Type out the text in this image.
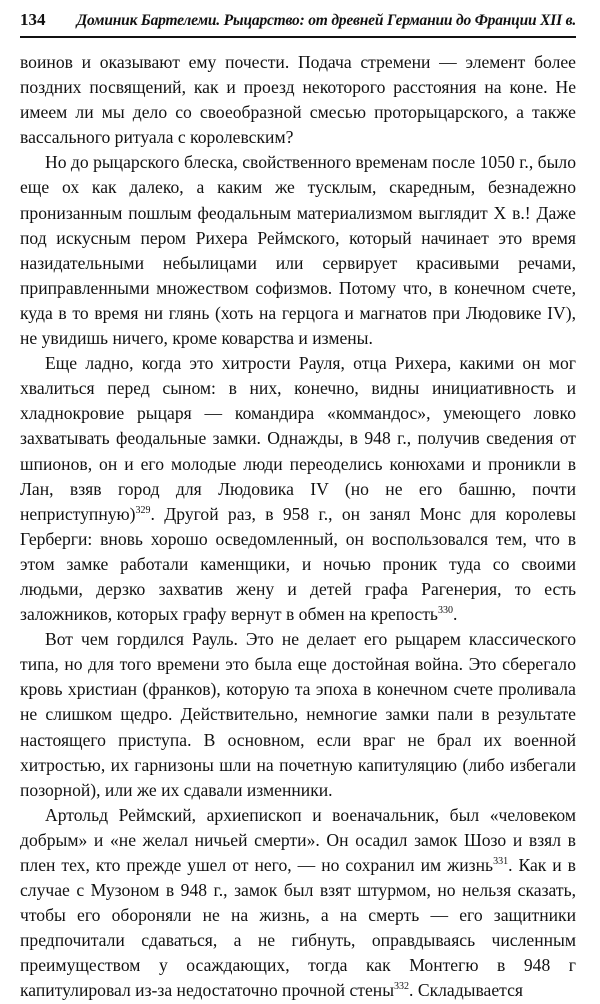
134	Доминик Бартелеми. Рыцарство: от древней Германии до Франции XII в.

воинов и оказывают ему почести. Подача стремени — элемент более поздних посвящений, как и проезд некоторого расстояния на коне. Не имеем ли мы дело со своеобразной смесью проторыцарского, а также вассального ритуала с королевским?

Но до рыцарского блеска, свойственного временам после 1050 г., было еще ох как далеко, а каким же тусклым, скаредным, безнадежно пронизанным пошлым феодальным материализмом выглядит X в.! Даже под искусным пером Рихера Реймского, который начинает это время назидательными небылицами или сервирует красивыми речами, приправленными множеством софизмов. Потому что, в конечном счете, куда в то время ни глянь (хоть на герцога и магнатов при Людовике IV), не увидишь ничего, кроме коварства и измены.

Еще ладно, когда это хитрости Рауля, отца Рихера, какими он мог хвалиться перед сыном: в них, конечно, видны инициативность и хладнокровие рыцаря — командира «коммандос», умеющего ловко захватывать феодальные замки. Однажды, в 948 г., получив сведения от шпионов, он и его молодые люди переоделись конюхами и проникли в Лан, взяв город для Людовика IV (но не его башню, почти неприступную)$^{329}$. Другой раз, в 958 г., он занял Монс для королевы Герберги: вновь хорошо осведомленный, он воспользовался тем, что в этом замке работали каменщики, и ночью проник туда со своими людьми, дерзко захватив жену и детей графа Рагенерия, то есть заложников, которых графу вернут в обмен на крепость$^{330}$.

Вот чем гордился Рауль. Это не делает его рыцарем классического типа, но для того времени это была еще достойная война. Это сберегало кровь христиан (франков), которую та эпоха в конечном счете проливала не слишком щедро. Действительно, немногие замки пали в результате настоящего приступа. В основном, если враг не брал их военной хитростью, их гарнизоны шли на почетную капитуляцию (либо избегали позорной), или же их сдавали изменники.

Артольд Реймский, архиепископ и военачальник, был «человеком добрым» и «не желал ничьей смерти». Он осадил замок Шозо и взял в плен тех, кто прежде ушел от него, — но сохранил им жизнь$^{331}$. Как и в случае с Музоном в 948 г., замок был взят штурмом, но нельзя сказать, чтобы его обороняли не на жизнь, а на смерть — его защитники предпочитали сдаваться, а не гибнуть, оправдываясь численным преимуществом у осаждающих, тогда как Монтегю в 948 г капитулировал из-за недостаточно прочной стены$^{332}$. Складывается
